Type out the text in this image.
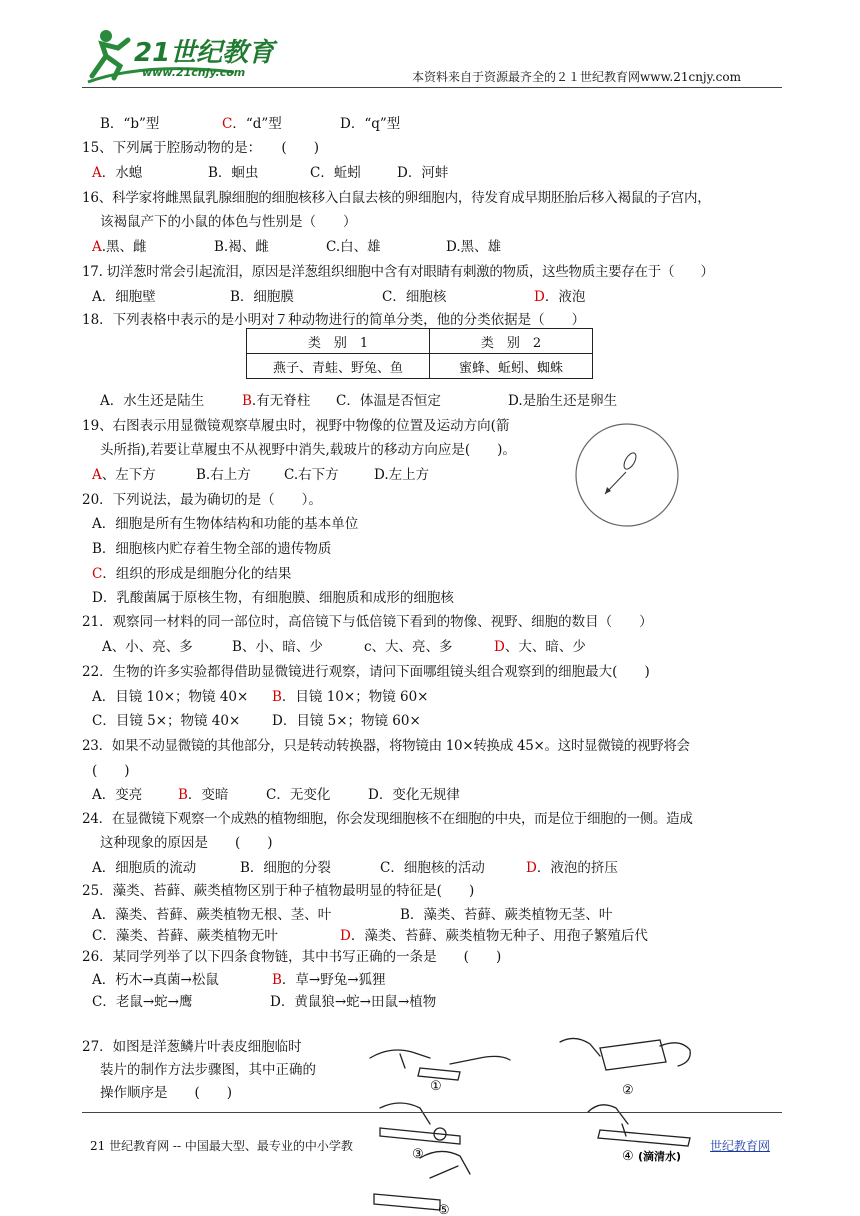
21世纪教育
www.21cnjy.com	本资料来自于资源最齐全的２１世纪教育网www.21cnjy.com
B．“b”型	C．“d”型	D．“q”型
15、下列属于腔肠动物的是：　　(　　)
A．水螅	B．蛔虫	C．蚯蚓	D．河蚌
16、科学家将雌黑鼠乳腺细胞的细胞核移入白鼠去核的卵细胞内，待发育成早期胚胎后移入褐鼠的子宫内，
该褐鼠产下的小鼠的体色与性别是（　　）
A.黑、雌	B.褐、雌	C.白、雄	D.黑、雄
17. 切洋葱时常会引起流泪，原因是洋葱组织细胞中含有对眼睛有刺激的物质，这些物质主要存在于（　　）
A．细胞壁	B．细胞膜	C．细胞核	D．液泡
18．下列表格中表示的是小明对７种动物进行的简单分类，他的分类依据是（　　）
类　别　1	类　别　2
燕子、青蛙、野兔、鱼	蜜蜂、蚯蚓、蜘蛛
A．水生还是陆生	B.有无脊柱 C．体温是否恒定	D.是胎生还是卵生
19、右图表示用显微镜观察草履虫时，视野中物像的位置及运动方向(箭
头所指),若要让草履虫不从视野中消失,载玻片的移动方向应是(　　)。
A、左下方	B.右上方 C.右下方	D.左上方
20．下列说法，最为确切的是（　　）。
A．细胞是所有生物体结构和功能的基本单位
B．细胞核内贮存着生物全部的遗传物质
C．组织的形成是细胞分化的结果
D．乳酸菌属于原核生物，有细胞膜、细胞质和成形的细胞核
21．观察同一材料的同一部位时，高倍镜下与低倍镜下看到的物像、视野、细胞的数目（　　）
A、小、亮、多	B、小、暗、少	c、大、亮、多	D、大、暗、少
22．生物的许多实验都得借助显微镜进行观察，请问下面哪组镜头组合观察到的细胞最大(　　)
A．目镜 10×；物镜 40× B．目镜 10×；物镜 60×
C．目镜 5×；物镜 40× D．目镜 5×；物镜 60×
23．如果不动显微镜的其他部分，只是转动转换器，将物镜由 10×转换成 45×。这时显微镜的视野将会
(　　)
A．变亮	B．变暗	C．无变化	D．变化无规律
24．在显微镜下观察一个成熟的植物细胞，你会发现细胞核不在细胞的中央，而是位于细胞的一侧。造成
这种现象的原因是　　(　　)
A．细胞质的流动	B．细胞的分裂	C．细胞核的活动	D．液泡的挤压
25．藻类、苔藓、蕨类植物区别于种子植物最明显的特征是(　　)
A．藻类、苔藓、蕨类植物无根、茎、叶	B．藻类、苔藓、蕨类植物无茎、叶
C．藻类、苔藓、蕨类植物无叶	D．藻类、苔藓、蕨类植物无种子、用孢子繁殖后代
26．某同学列举了以下四条食物链，其中书写正确的一条是　　(　　)
A．朽木→真菌→松鼠	B．草→野兔→狐狸
C．老鼠→蛇→鹰	D．黄鼠狼→蛇→田鼠→植物
27．如图是洋葱鳞片叶表皮细胞临时
装片的制作方法步骤图，其中正确的
操作顺序是　　(　　)	①	②
③	④ (滴清水)
⑤
21 世纪教育网 -- 中国最大型、最专业的中小学教	世纪教育网
